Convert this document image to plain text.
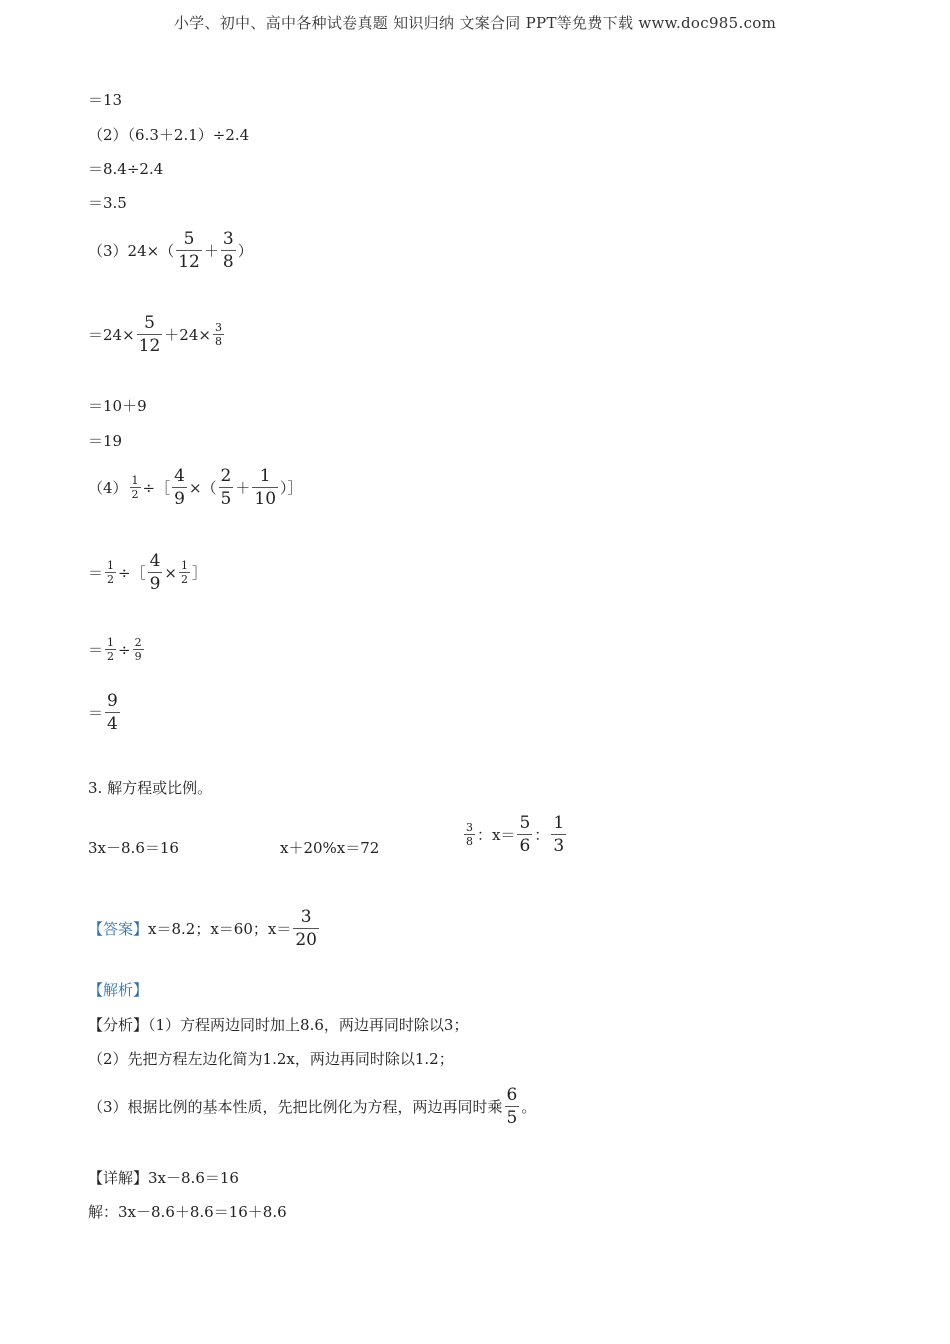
小学、初中、高中各种试卷真题 知识归纳 文案合同 PPT等免费下载 www.doc985.com
＝13
（2）（6.3＋2.1）÷2.4
＝8.4÷2.4
＝3.5
$(3)24\times( \frac{5}{12} + \frac{3}{8}$ ）
$=24\times \frac{5}{12} +24\times \frac{3}{8}$
＝10＋9
＝19
$(4) \frac{1}{2}$ ÷［ $\frac{4}{9}$ ×（ $\frac{2}{5} + \frac{1}{10}$ ）］
＝ $\frac{1}{2}$ ÷［ $\frac{4}{9} \times \frac{1}{2}$ ］
＝ $\frac{1}{2} \div \frac{2}{9}$
＝ $\frac{9}{4}$
3. 解方程或比例。
3x－8.6＝16	x＋20%x＝72	$\frac{3}{8}$ ：$x= \frac{5}{6}$ ： $\frac{1}{3}$
【答案】 x＝8.2；x＝60；$x= \frac{3}{20}$
【解析】
【分析】（1）方程两边同时加上8.6，两边再同时除以3；
（2）先把方程左边化简为1.2x，两边再同时除以1.2；
（3）根据比例的基本性质，先把比例化为方程，两边再同时乘 $\frac{6}{5}$ 。
【详解】3x－8.6＝16
解：3x－8.6＋8.6＝16＋8.6
